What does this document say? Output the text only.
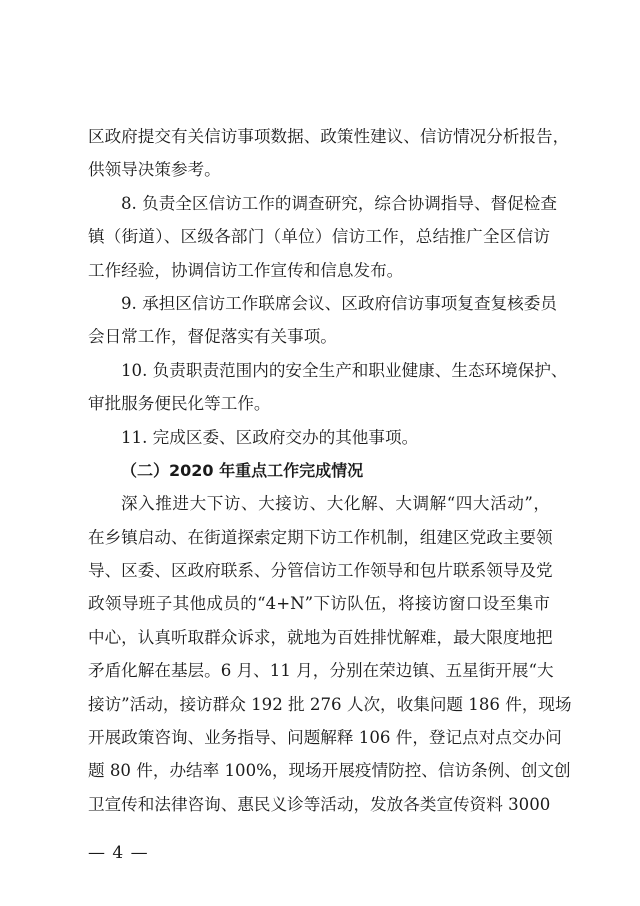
区政府提交有关信访事项数据、政策性建议、信访情况分析报告，
供领导决策参考。
8. 负责全区信访工作的调查研究，综合协调指导、督促检查
镇（街道）、区级各部门（单位）信访工作，总结推广全区信访
工作经验，协调信访工作宣传和信息发布。
9. 承担区信访工作联席会议、区政府信访事项复查复核委员
会日常工作，督促落实有关事项。
10. 负责职责范围内的安全生产和职业健康、生态环境保护、
审批服务便民化等工作。
11. 完成区委、区政府交办的其他事项。
（二）2020 年重点工作完成情况
深入推进大下访、大接访、大化解、大调解“四大活动”，
在乡镇启动、在街道探索定期下访工作机制，组建区党政主要领
导、区委、区政府联系、分管信访工作领导和包片联系领导及党
政领导班子其他成员的“4+N”下访队伍，将接访窗口设至集市
中心，认真听取群众诉求，就地为百姓排忧解难，最大限度地把
矛盾化解在基层。6 月、11 月，分别在荣边镇、五星街开展“大
接访”活动，接访群众 192 批 276 人次，收集问题 186 件，现场
开展政策咨询、业务指导、问题解释 106 件，登记点对点交办问
题 80 件，办结率 100%，现场开展疫情防控、信访条例、创文创
卫宣传和法律咨询、惠民义诊等活动，发放各类宣传资料 3000
— 4 —
